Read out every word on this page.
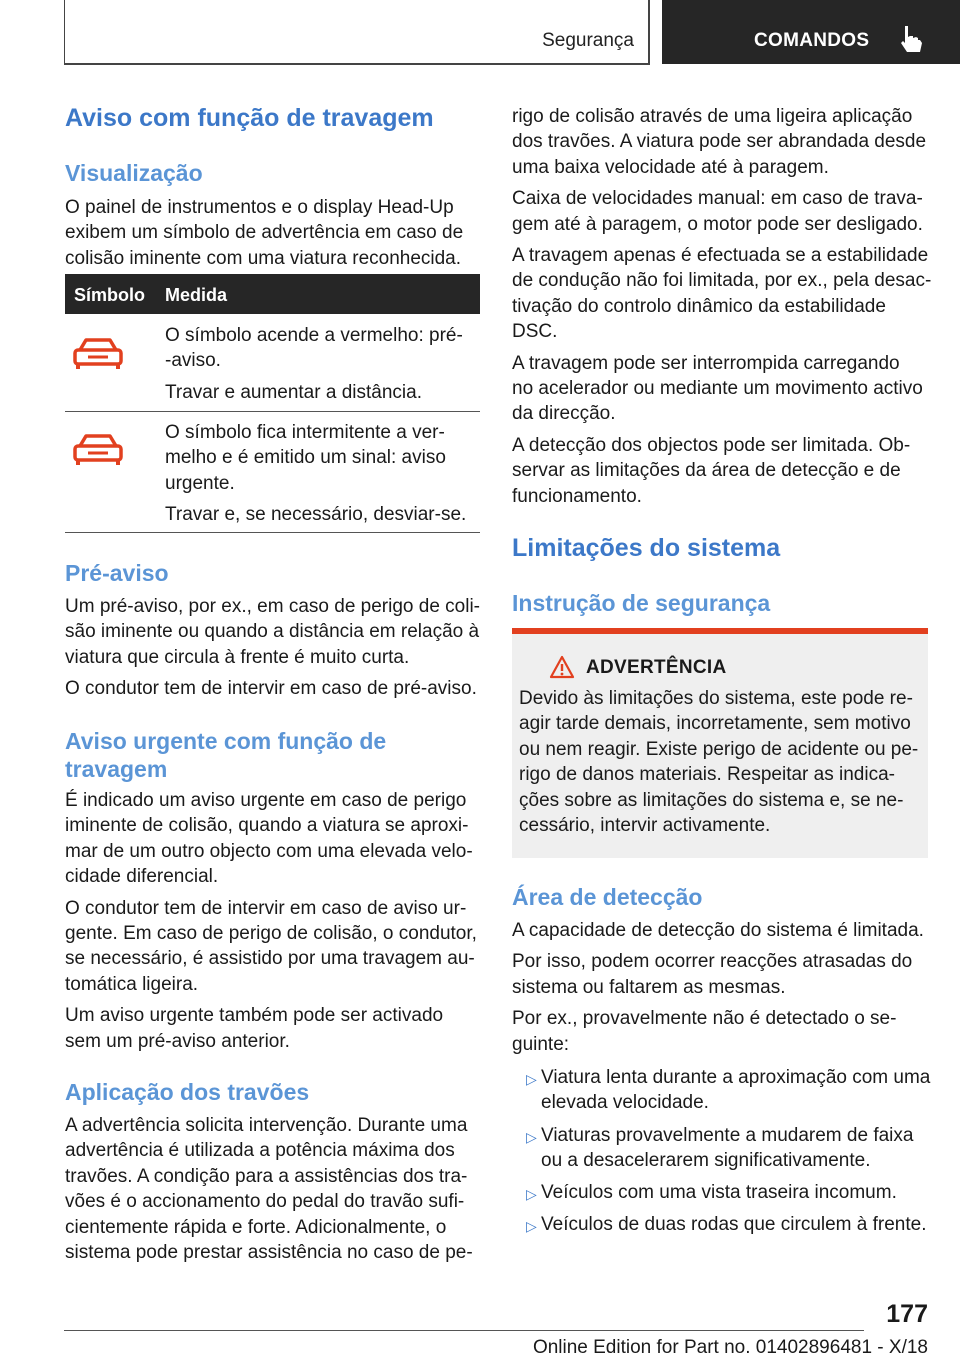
Segurança	COMANDOS
Aviso com função de travagem
Visualização
O painel de instrumentos e o display Head-Up
exibem um símbolo de advertência em caso de
colisão iminente com uma viatura reconhecida.
Símbolo Medida
O símbolo acende a vermelho: pré-
-aviso.
Travar e aumentar a distância.
O símbolo fica intermitente a ver-
melho e é emitido um sinal: aviso
urgente.
Travar e, se necessário, desviar-se.
Pré-aviso
Um pré-aviso, por ex., em caso de perigo de coli-
são iminente ou quando a distância em relação à
viatura que circula à frente é muito curta.
O condutor tem de intervir em caso de pré-aviso.
Aviso urgente com função de
travagem
É indicado um aviso urgente em caso de perigo
iminente de colisão, quando a viatura se aproxi-
mar de um outro objecto com uma elevada velo-
cidade diferencial.
O condutor tem de intervir em caso de aviso ur-
gente. Em caso de perigo de colisão, o condutor,
se necessário, é assistido por uma travagem au-
tomática ligeira.
Um aviso urgente também pode ser activado
sem um pré-aviso anterior.
Aplicação dos travões
A advertência solicita intervenção. Durante uma
advertência é utilizada a potência máxima dos
travões. A condição para a assistências dos tra-
vões é o accionamento do pedal do travão sufi-
cientemente rápida e forte. Adicionalmente, o
sistema pode prestar assistência no caso de pe-
rigo de colisão através de uma ligeira aplicação
dos travões. A viatura pode ser abrandada desde
uma baixa velocidade até à paragem.
Caixa de velocidades manual: em caso de trava-
gem até à paragem, o motor pode ser desligado.
A travagem apenas é efectuada se a estabilidade
de condução não foi limitada, por ex., pela desac-
tivação do controlo dinâmico da estabilidade
DSC.
A travagem pode ser interrompida carregando
no acelerador ou mediante um movimento activo
da direcção.
A detecção dos objectos pode ser limitada. Ob-
servar as limitações da área de detecção e de
funcionamento.
Limitações do sistema
Instrução de segurança
ADVERTÊNCIA
Devido às limitações do sistema, este pode re-
agir tarde demais, incorretamente, sem motivo
ou nem reagir. Existe perigo de acidente ou pe-
rigo de danos materiais. Respeitar as indica-
ções sobre as limitações do sistema e, se ne-
cessário, intervir activamente.
Área de detecção
A capacidade de detecção do sistema é limitada.
Por isso, podem ocorrer reacções atrasadas do
sistema ou faltarem as mesmas.
Por ex., provavelmente não é detectado o se-
guinte:
▷ Viatura lenta durante a aproximação com uma
elevada velocidade.
▷ Viaturas provavelmente a mudarem de faixa
ou a desacelerarem significativamente.
▷ Veículos com uma vista traseira incomum.
▷ Veículos de duas rodas que circulem à frente.
177
Online Edition for Part no. 01402896481 - X/18
